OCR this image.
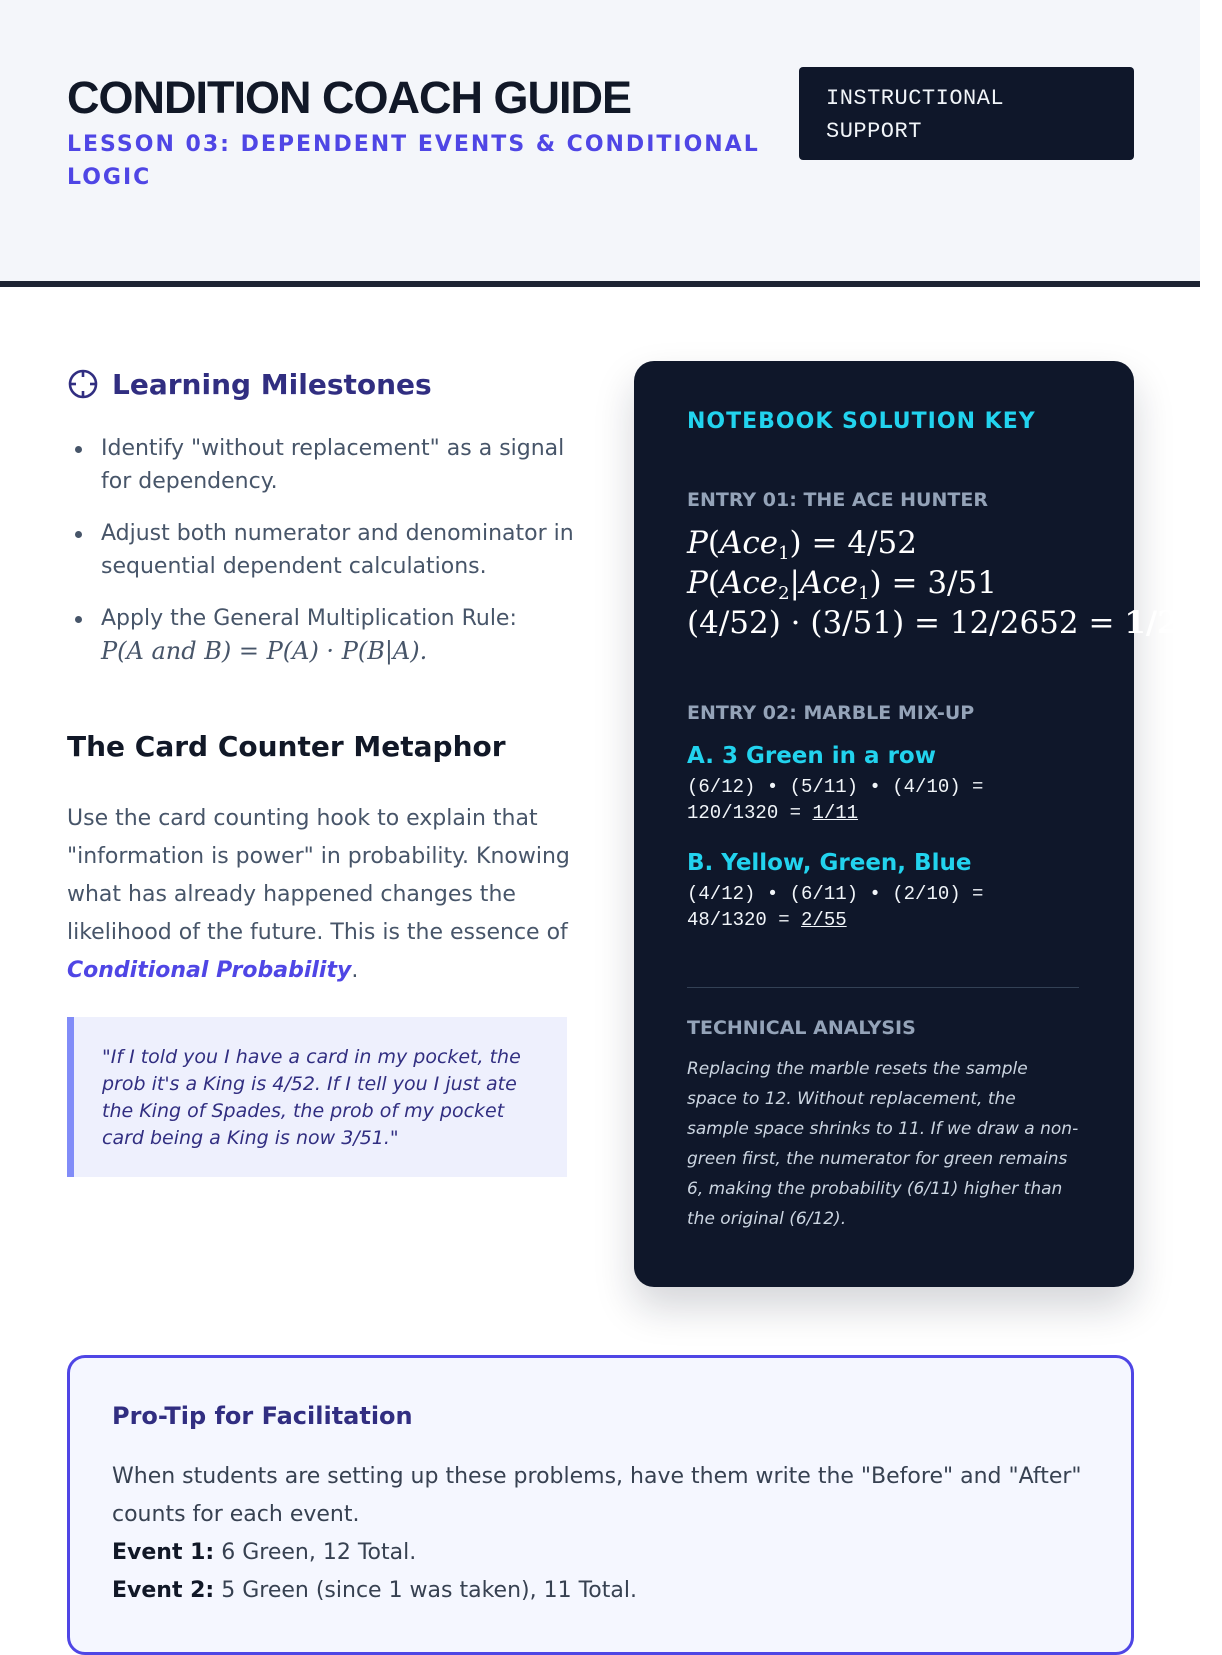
CONDITION COACH GUIDE
LESSON 03: DEPENDENT EVENTS & CONDITIONAL LOGIC
INSTRUCTIONAL SUPPORT
Learning Milestones
Identify "without replacement" as a signal for dependency.
Adjust both numerator and denominator in sequential dependent calculations.
Apply the General Multiplication Rule:
P(A and B) = P(A) · P(B|A).
The Card Counter Metaphor

Use the card counting hook to explain that "information is power" in probability. Knowing what has already happened changes the likelihood of the future. This is the essence of Conditional Probability.

"If I told you I have a card in my pocket, the prob it's a King is 4/52. If I tell you I just ate the King of Spades, the prob of my pocket card being a King is now 3/51."
NOTEBOOK SOLUTION KEY
ENTRY 01: THE ACE HUNTER
P(Ace$_1$) = 4/52
P(Ace$_2$|Ace$_1$) = 3/51
(4/52) · (3/51) = 12/2652 = 1/221
ENTRY 02: MARBLE MIX-UP
A. 3 Green in a row
(6/12) • (5/11) • (4/10) =
120/1320 = 1/11
B. Yellow, Green, Blue
(4/12) • (6/11) • (2/10) =
48/1320 = 2/55
TECHNICAL ANALYSIS

Replacing the marble resets the sample space to 12. Without replacement, the sample space shrinks to 11. If we draw a non-green first, the numerator for green remains 6, making the probability (6/11) higher than the original (6/12).

Pro-Tip for Facilitation
When students are setting up these problems, have them write the "Before" and "After" counts for each event.
Event 1: 6 Green, 12 Total.
Event 2: 5 Green (since 1 was taken), 11 Total.
